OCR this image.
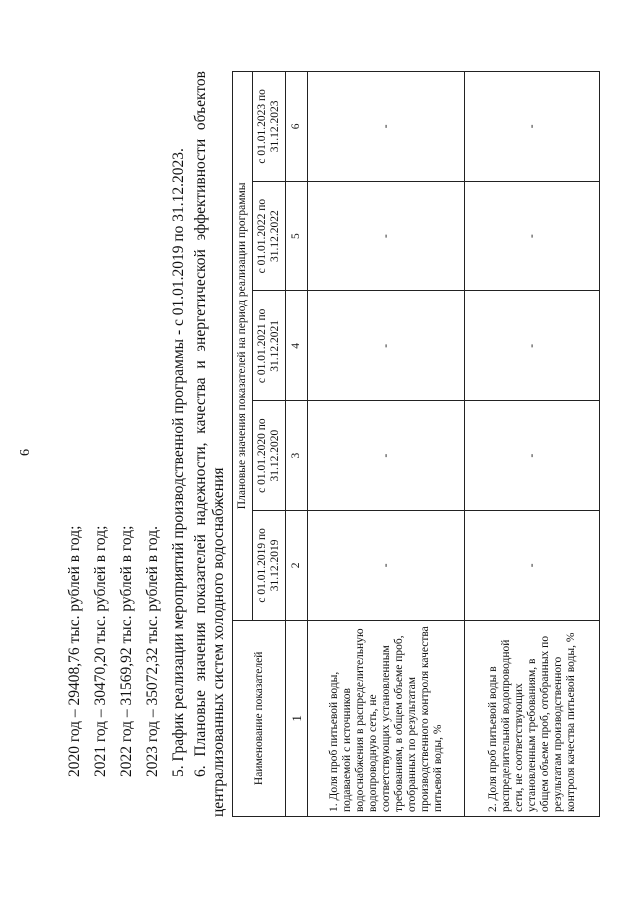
6
2020 год – 29408,76 тыс. рублей в год; 2021 год – 30470,20 тыс. рублей в год; 2022 год – 31569,92 тыс. рублей в год; 2023 год – 35072,32 тыс. рублей в год. 5. График реализации мероприятий производственной программы - с 01.01.2019 по 31.12.2023. 6.
Плановые
значения
показателей
надежности,
качества
и
энергетической
эффективности
объектов
централизованных систем холодного водоснабжения Наименование показателей	Плановые значения показателей на период реализации программы				
	с 01.01.2019 по 31.12.2019	с 01.01.2020 по 31.12.2020	с 01.01.2021 по 31.12.2021	с 01.01.2022 по 31.12.2022	с 01.01.2023 по 31.12.2023
1	2	3	4	5	6
1. Доля проб питьевой воды, подаваемой с источников водоснабжения в распределительную водопроводную сеть, не соответствующих установленным требованиям, в общем объеме проб, отобранных по результатам производственного контроля качества питьевой воды, %	-	-	-	-	-
2. Доля проб питьевой воды в распределительной водопроводной сети, не соответствующих установленным требованиям, в общем объеме проб, отобранных по результатам производственного контроля качества питьевой воды, %	-	-	-	-	-
